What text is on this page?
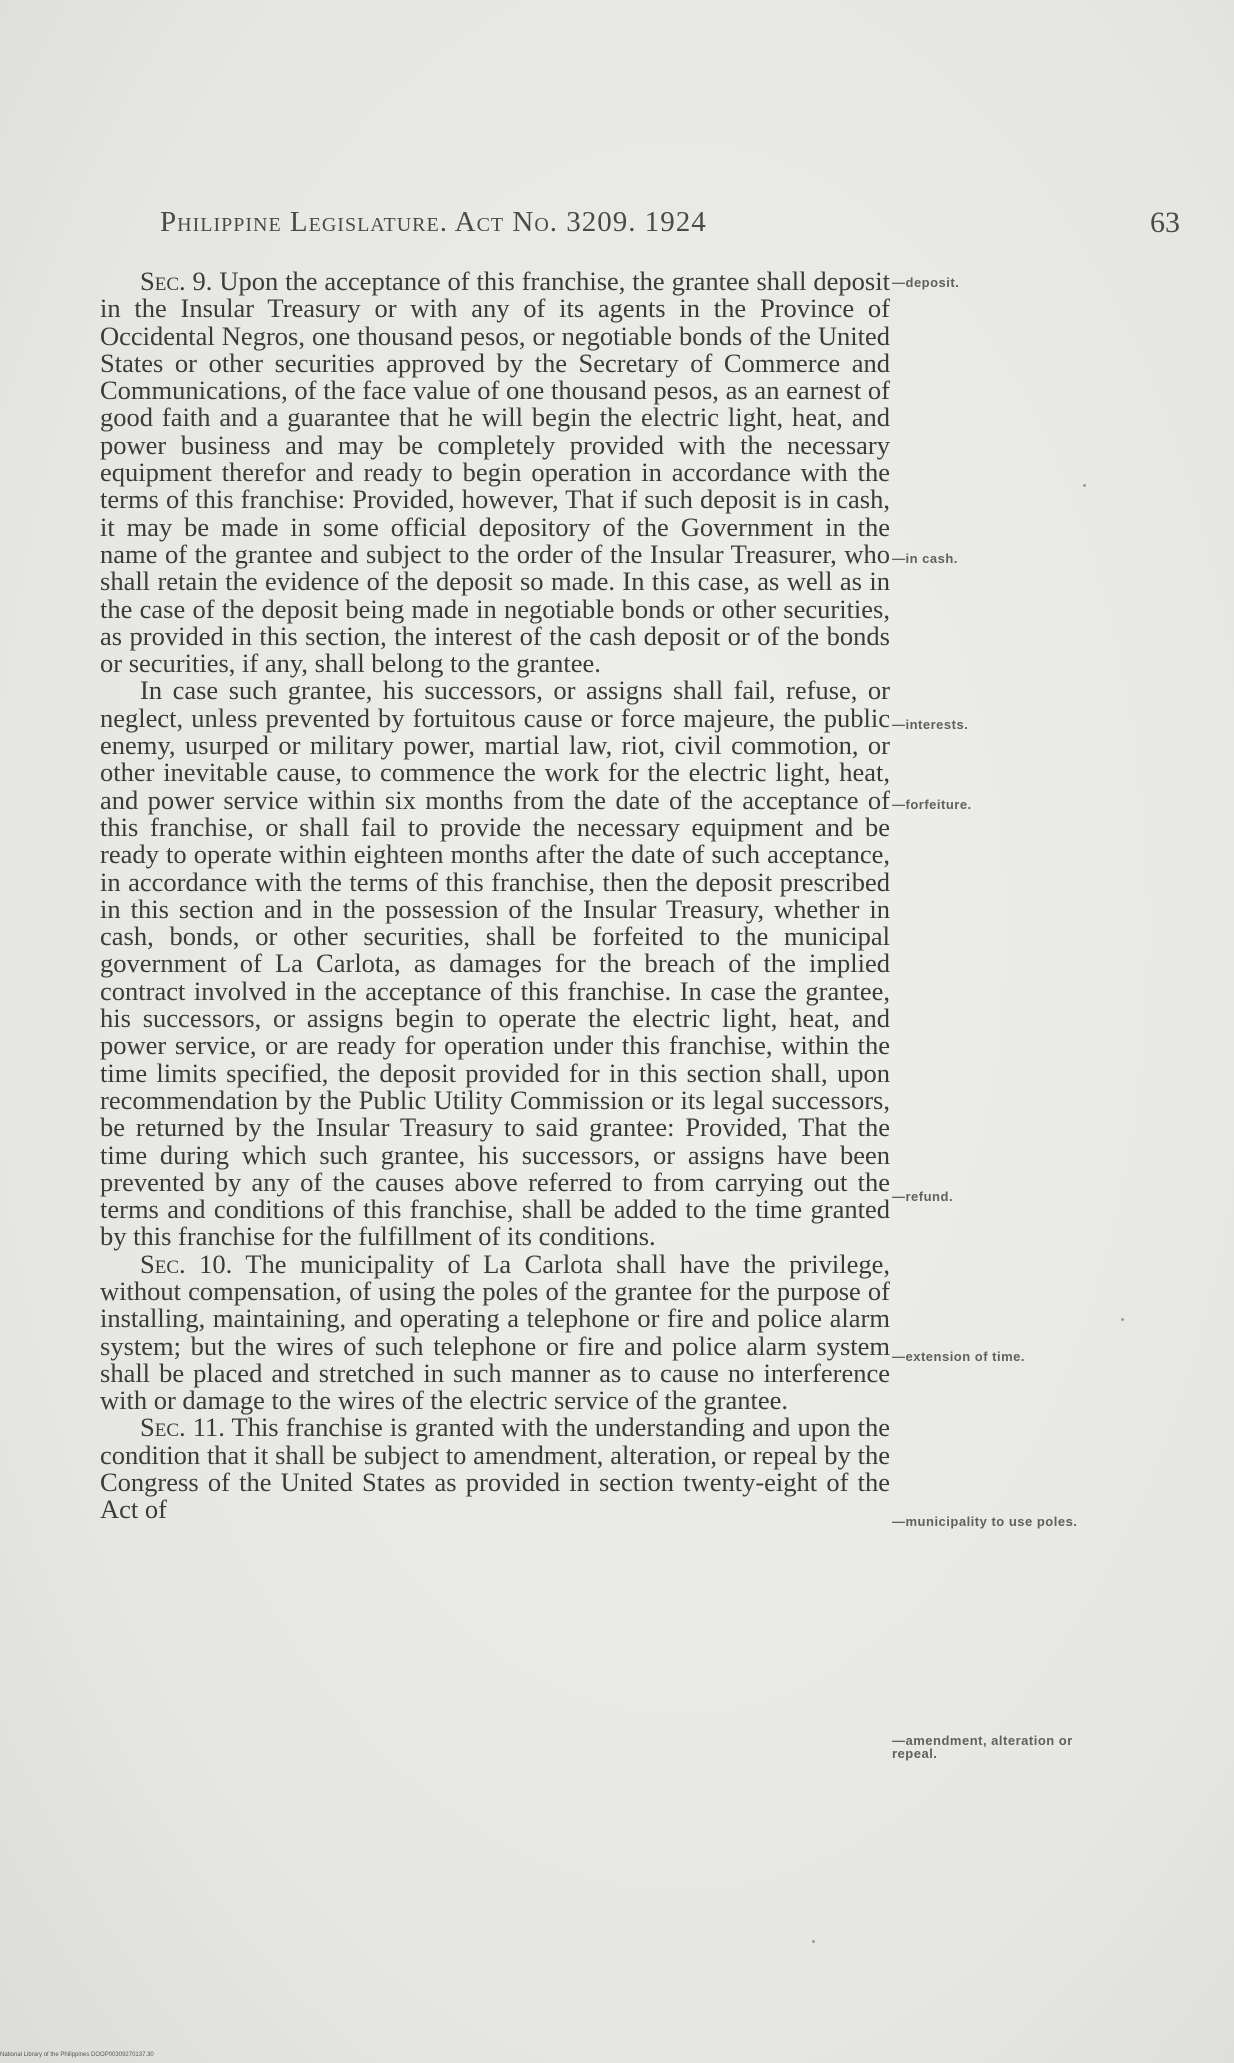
Philippine Legislature. Act No. 3209. 1924	63

Sec. 9. Upon the acceptance of this franchise, the grantee shall deposit in the Insular Treasury or with any of its agents in the Province of Occidental Negros, one thousand pesos, or negotiable bonds of the United States or other securities approved by the Secretary of Commerce and Communications, of the face value of one thousand pesos, as an earnest of good faith and a guarantee that he will begin the electric light, heat, and power business and may be completely provided with the necessary equipment therefor and ready to begin operation in accordance with the terms of this franchise: Provided, however, That if such deposit is in cash, it may be made in some official depository of the Government in the name of the grantee and subject to the order of the Insular Treasurer, who shall retain the evidence of the deposit so made. In this case, as well as in the case of the deposit being made in negotiable bonds or other securities, as provided in this section, the interest of the cash deposit or of the bonds or securities, if any, shall belong to the grantee.

In case such grantee, his successors, or assigns shall fail, refuse, or neglect, unless prevented by fortuitous cause or force majeure, the public enemy, usurped or military power, martial law, riot, civil commotion, or other inevitable cause, to commence the work for the electric light, heat, and power service within six months from the date of the acceptance of this franchise, or shall fail to provide the necessary equipment and be ready to operate within eighteen months after the date of such acceptance, in accordance with the terms of this franchise, then the deposit prescribed in this section and in the possession of the Insular Treasury, whether in cash, bonds, or other securities, shall be forfeited to the municipal government of La Carlota, as damages for the breach of the implied contract involved in the acceptance of this franchise. In case the grantee, his successors, or assigns begin to operate the electric light, heat, and power service, or are ready for operation under this franchise, within the time limits specified, the deposit provided for in this section shall, upon recommendation by the Public Utility Commission or its legal successors, be returned by the Insular Treasury to said grantee: Provided, That the time during which such grantee, his successors, or assigns have been prevented by any of the causes above referred to from carrying out the terms and conditions of this franchise, shall be added to the time granted by this franchise for the fulfillment of its conditions.

Sec. 10. The municipality of La Carlota shall have the privilege, without compensation, of using the poles of the grantee for the purpose of installing, maintaining, and operating a telephone or fire and police alarm system; but the wires of such telephone or fire and police alarm system shall be placed and stretched in such manner as to cause no interference with or damage to the wires of the electric service of the grantee.

Sec. 11. This franchise is granted with the understanding and upon the condition that it shall be subject to amendment, alteration, or repeal by the Congress of the United States as provided in section twenty-eight of the Act of

—deposit.
—in cash.
—interests.
—forfeiture.
—refund.
—extension of time.
—municipality to use poles.
—amendment, alteration or repeal.
National Library of the Philippines DOOP00309270137.30
